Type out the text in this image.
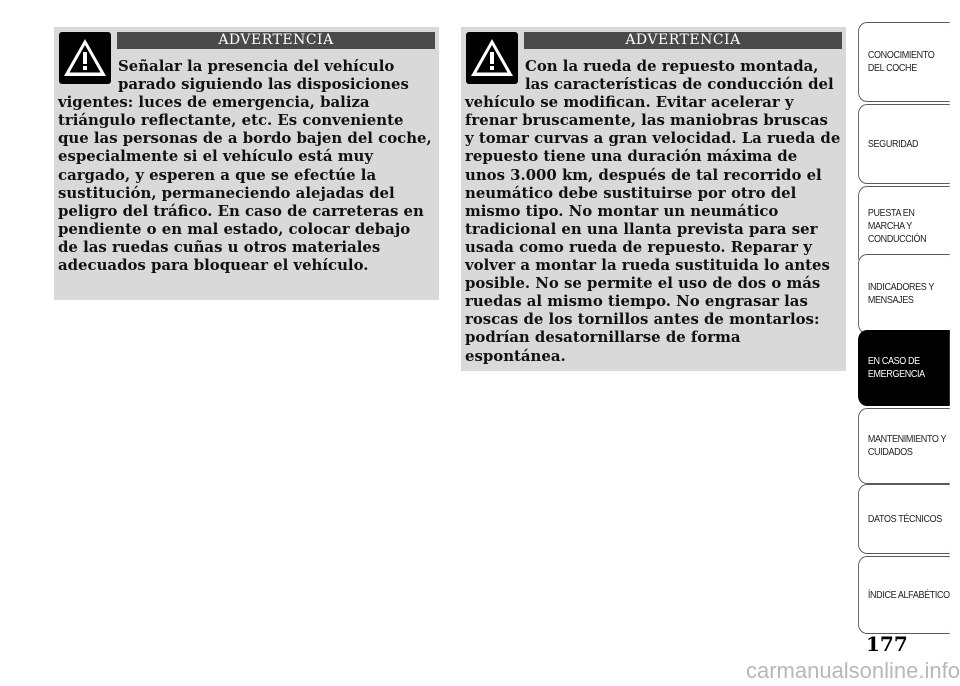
ADVERTENCIA

Señalar la presencia del vehículo parado siguiendo las disposiciones vigentes: luces de emergencia, baliza triángulo reflectante, etc. Es conveniente que las personas de a bordo bajen del coche, especialmente si el vehículo está muy cargado, y esperen a que se efectúe la sustitución, permaneciendo alejadas del peligro del tráfico. En caso de carreteras en pendiente o en mal estado, colocar debajo de las ruedas cuñas u otros materiales adecuados para bloquear el vehículo.

ADVERTENCIA

Con la rueda de repuesto montada, las características de conducción del vehículo se modifican. Evitar acelerar y frenar bruscamente, las maniobras bruscas y tomar curvas a gran velocidad. La rueda de repuesto tiene una duración máxima de unos 3.000 km, después de tal recorrido el neumático debe sustituirse por otro del mismo tipo. No montar un neumático tradicional en una llanta prevista para ser usada como rueda de repuesto. Reparar y volver a montar la rueda sustituida lo antes posible. No se permite el uso de dos o más ruedas al mismo tiempo. No engrasar las roscas de los tornillos antes de montarlos: podrían desatornillarse de forma espontánea.

CONOCIMIENTO DEL COCHE
SEGURIDAD
PUESTA EN MARCHA Y CONDUCCIÓN
INDICADORES Y MENSAJES
EN CASO DE EMERGENCIA
MANTENIMIENTO Y CUIDADOS
DATOS TÉCNICOS
ÍNDICE ALFABÉTICO
177
carmanualsonline.info
